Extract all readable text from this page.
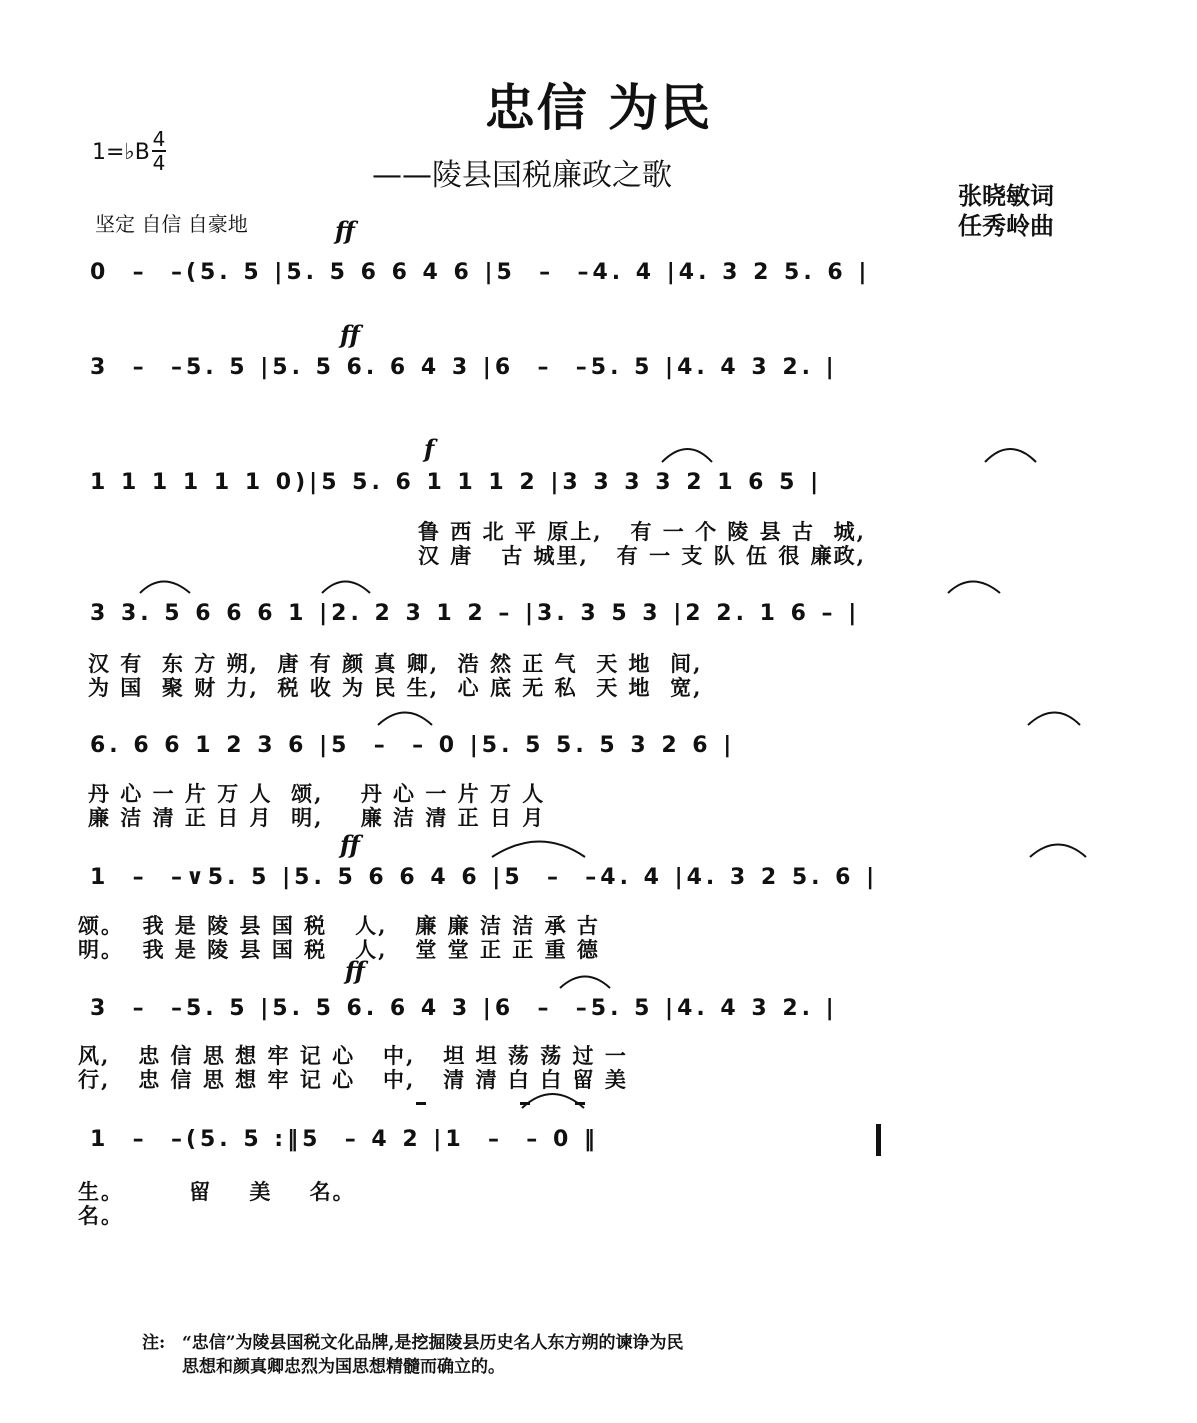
忠信 为民
——陵县国税廉政之歌
1=♭B
4
4
张晓敏词
任秀岭曲
坚定 自信 自豪地	ff
ff
f
ff
ff
0  –  –(5. 5 |5. 5 6 6 4 6 |5  –  –4. 4 |4. 3 2 5. 6 |
3  –  –5. 5 |5. 5 6. 6 4 3 |6  –  –5. 5 |4. 4 3 2. |
1 1 1 1 1 1 0)|5 5. 6 1 1 1 2 |3 3 3 3 2 1 6 5 |
鲁 西 北 平 原上,   有 一 个 陵 县 古  城,
汉 唐   古 城里,   有 一 支 队 伍 很 廉政,
3 3. 5 6 6 6 1 |2. 2 3 1 2 – |3. 3 5 3 |2 2. 1 6 – |
汉 有  东 方 朔,  唐 有 颜 真 卿,  浩 然 正 气  天 地  间,
为 国  聚 财 力,  税 收 为 民 生,  心 底 无 私  天 地  宽,
6. 6 6 1 2 3 6 |5  –  – 0 |5. 5 5. 5 3 2 6 |
丹 心 一 片 万 人  颂,    丹 心 一 片 万 人
廉 洁 清 正 日 月  明,    廉 洁 清 正 日 月
1  –  –∨5. 5 |5. 5 6 6 4 6 |5  –  –4. 4 |4. 3 2 5. 6 |
颂。  我 是 陵 县 国 税   人,   廉 廉 洁 洁 承 古
明。  我 是 陵 县 国 税   人,   堂 堂 正 正 重 德
3  –  –5. 5 |5. 5 6. 6 4 3 |6  –  –5. 5 |4. 4 3 2. |
风,   忠 信 思 想 牢 记 心   中,   坦 坦 荡 荡 过 一
行,   忠 信 思 想 牢 记 心   中,   清 清 白 白 留 美
1  –  –(5. 5 :‖5  – 4 2 |1  –  – 0 ‖
生。       留    美    名。
名。
注: “忠信”为陵县国税文化品牌,是挖掘陵县历史名人东方朔的谏诤为民
思想和颜真卿忠烈为国思想精髓而确立的。
